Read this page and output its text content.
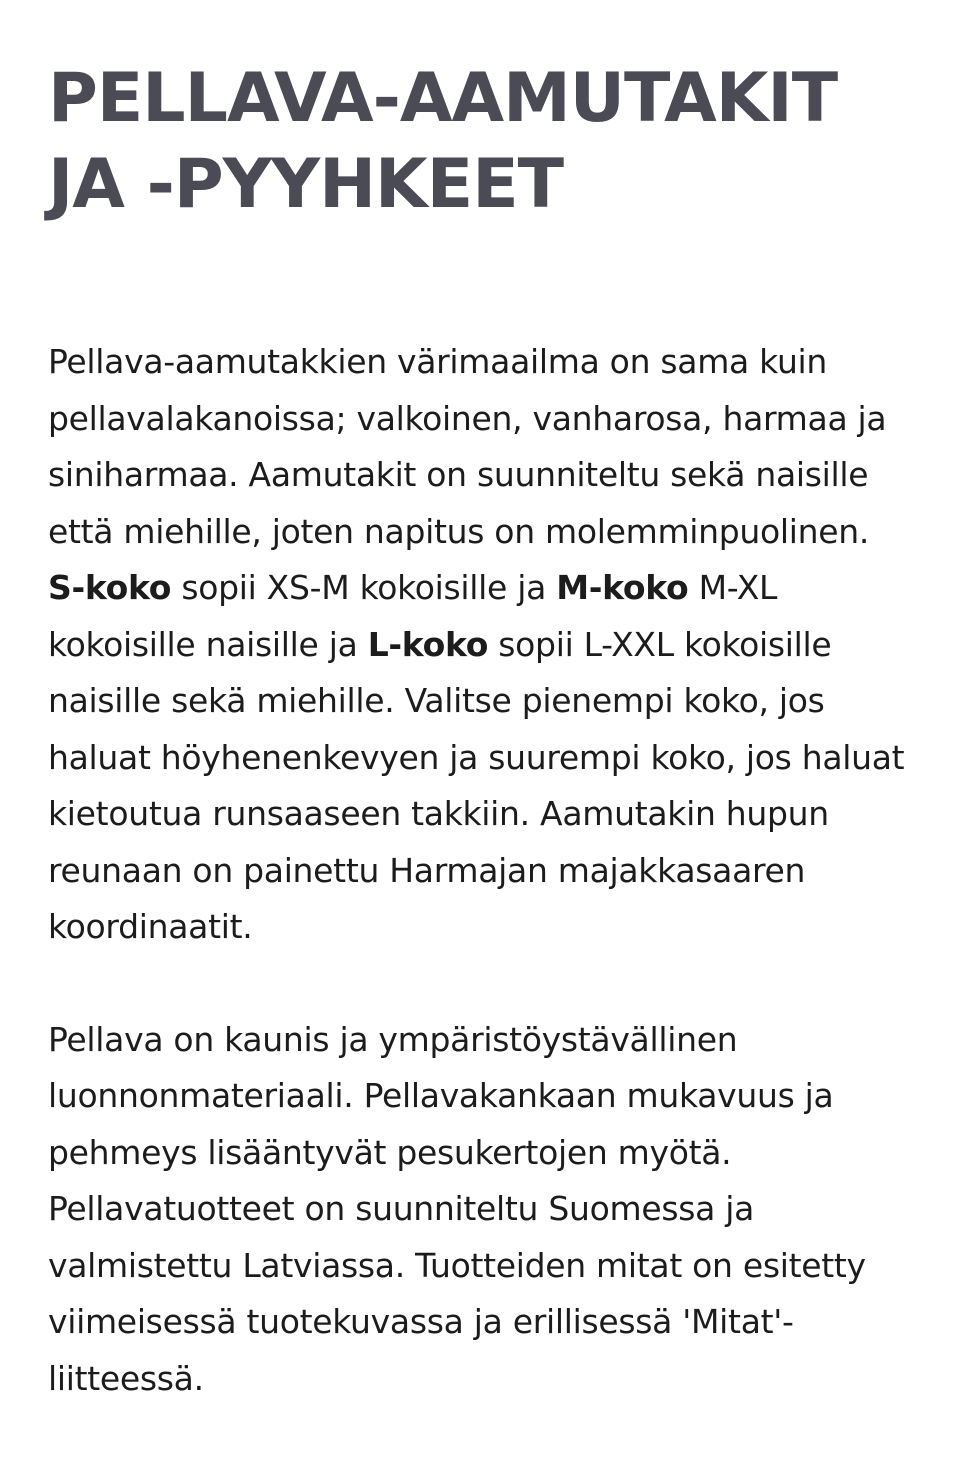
PELLAVA-AAMUTAKIT JA -PYYHKEET

Pellava-aamutakkien värimaailma on sama kuin pellavalakanoissa; valkoinen, vanharosa, harmaa ja siniharmaa. Aamutakit on suunniteltu sekä naisille että miehille, joten napitus on molemminpuolinen. S-koko sopii XS-M kokoisille ja M-koko M-XL kokoisille naisille ja L-koko sopii L-XXL kokoisille naisille sekä miehille. Valitse pienempi koko, jos haluat höyhenenkevyen ja suurempi koko, jos haluat kietoutua runsaaseen takkiin. Aamutakin hupun reunaan on painettu Harmajan majakkasaaren koordinaatit.

Pellava on kaunis ja ympäristöystävällinen luonnonmateriaali. Pellavakankaan mukavuus ja pehmeys lisääntyvät pesukertojen myötä. Pellavatuotteet on suunniteltu Suomessa ja valmistettu Latviassa. Tuotteiden mitat on esitetty viimeisessä tuotekuvassa ja erillisessä 'Mitat'-liitteessä.
